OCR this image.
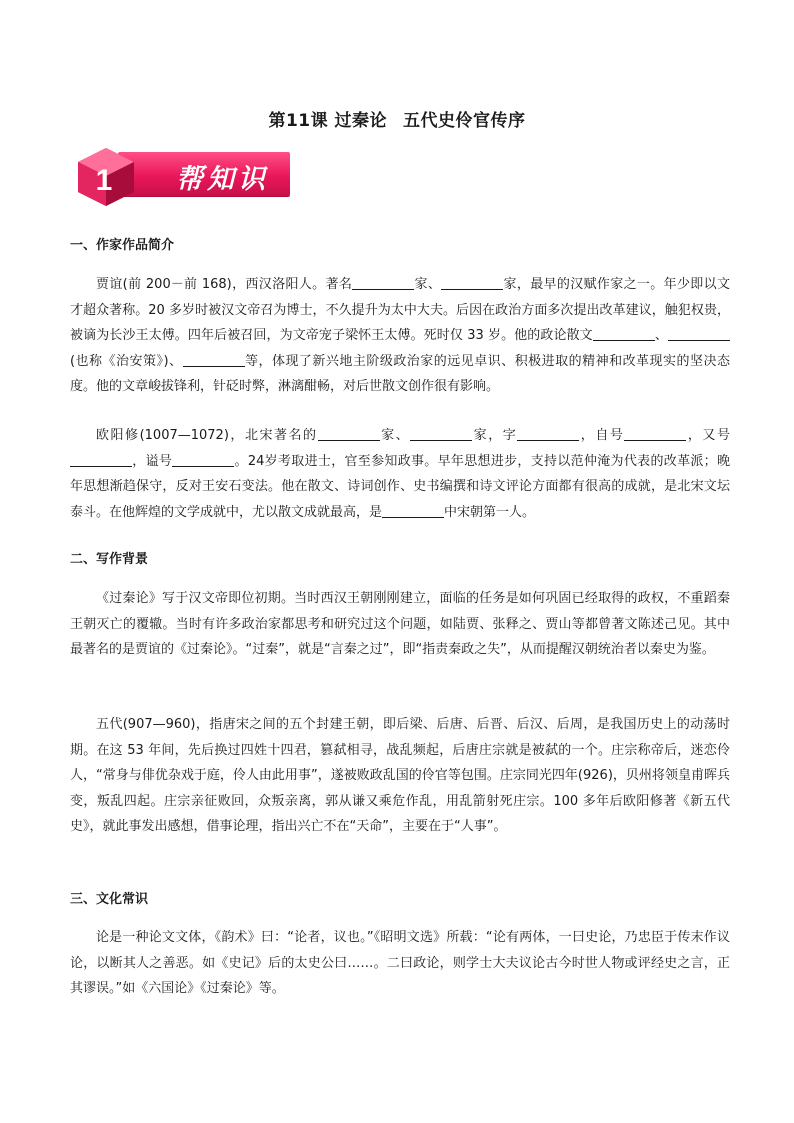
第11课 过秦论 五代史伶官传序
帮知识
1
一、作家作品简介

贾谊(前 200－前 168)，西汉洛阳人。著名	家、	家，最早的汉赋作家之一。年少即以文才超众著称。20 多岁时被汉文帝召为博士，不久提升为太中大夫。后因在政治方面多次提出改革建议，触犯权贵，被谪为长沙王太傅。四年后被召回，为文帝宠子梁怀王太傅。死时仅 33 岁。他的政论散文	、(也称《治安策》)、	等，体现了新兴地主阶级政治家的远见卓识、积极进取的精神和改革现实的坚决态度。他的文章峻拔锋利，针砭时弊，淋漓酣畅，对后世散文创作很有影响。

欧阳修(1007—1072)，北宋著名的	家、	家，字	，自号	，又号，谥号	。24岁考取进士，官至参知政事。早年思想进步，支持以范仲淹为代表的改革派；晚年思想渐趋保守，反对王安石变法。他在散文、诗词创作、史书编撰和诗文评论方面都有很高的成就，是北宋文坛泰斗。在他辉煌的文学成就中，尤以散文成就最高，是	中宋朝第一人。

二、写作背景

《过秦论》写于汉文帝即位初期。当时西汉王朝刚刚建立，面临的任务是如何巩固已经取得的政权，不重蹈秦王朝灭亡的覆辙。当时有许多政治家都思考和研究过这个问题，如陆贾、张释之、贾山等都曾著文陈述己见。其中最著名的是贾谊的《过秦论》。“过秦”，就是“言秦之过”，即“指责秦政之失”，从而提醒汉朝统治者以秦史为鉴。

五代(907—960)，指唐宋之间的五个封建王朝，即后梁、后唐、后晋、后汉、后周，是我国历史上的动荡时期。在这 53 年间，先后换过四姓十四君，篡弑相寻，战乱频起，后唐庄宗就是被弑的一个。庄宗称帝后，迷恋伶人，“常身与俳优杂戏于庭，伶人由此用事”，遂被败政乱国的伶官等包围。庄宗同光四年(926)，贝州将领皇甫晖兵变，叛乱四起。庄宗亲征败回，众叛亲离，郭从谦又乘危作乱，用乱箭射死庄宗。100 多年后欧阳修著《新五代史》，就此事发出感想，借事论理，指出兴亡不在“天命”，主要在于“人事”。

三、文化常识

论是一种论文文体，《韵术》曰：“论者，议也。”《昭明文选》所载：“论有两体，一曰史论，乃忠臣于传末作议论，以断其人之善恶。如《史记》后的太史公曰……。二曰政论，则学士大夫议论古今时世人物或评经史之言，正其谬误。”如《六国论》《过秦论》等。
